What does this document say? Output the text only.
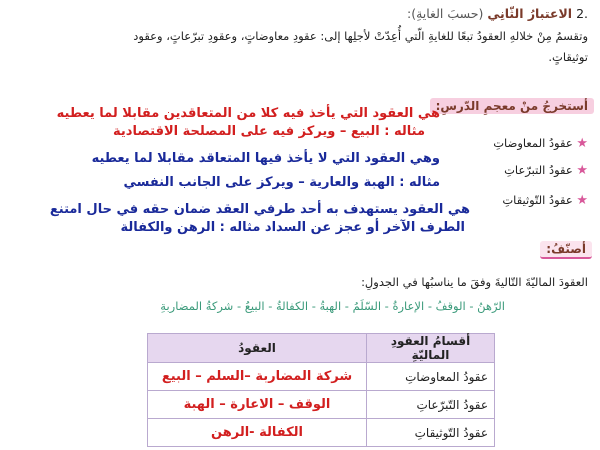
.2 الاعتبارُ الثّانِي (حسبَ الغايةِ):
وتقسمُ مِنْ خلالهِ العقودُ تبعًا للغايةِ الّتي أُعِدّتْ لأجلِها إلى: عقودِ معاوضاتٍ، وعقودِ تبرّعاتٍ، وعقود
توثيقاتٍ.
أستخرجُ منْ معجمِ الدّرسِ:
هي العقود التي يأخذ فيه كلا من المتعاقدين مقابلا لما يعطيه
مثاله : البيع – ويركز فيه على المصلحة الاقتصادية
★ عقودُ المعاوضاتِ
وهي العقود التي لا يأخذ فيها المتعاقد مقابلا لما يعطيه
★ عقودُ التبرّعاتِ
مثاله : الهبة والعارية – ويركز على الجانب النفسي
★ عقودُ التّوثيقاتِ
هي العقود يستهدف به أحد طرفي العقد ضمان حقه في حال امتنع
الطرف الآخر أو عجز عن السداد مثاله : الرهن والكفالة
أصنّفُ:
العقودَ الماليّةَ التّاليةَ وفقَ ما يناسبُها في الجدولِ:
الرّهنُ - الوقفُ - الإعارةُ - السّلَمُ - الهبةُ - الكفالةُ - البيعُ - شركةُ المضاربةِ
أقسامُ العقودِ الماليّةِ	العقودُ
عقودُ المعاوضاتِ	شركة المضاربة –السلم – البيع
عقودُ التّبرّعاتِ	الوقف – الاعارة – الهبة
عقودُ التّوثيقاتِ	الكفالة -الرهن
